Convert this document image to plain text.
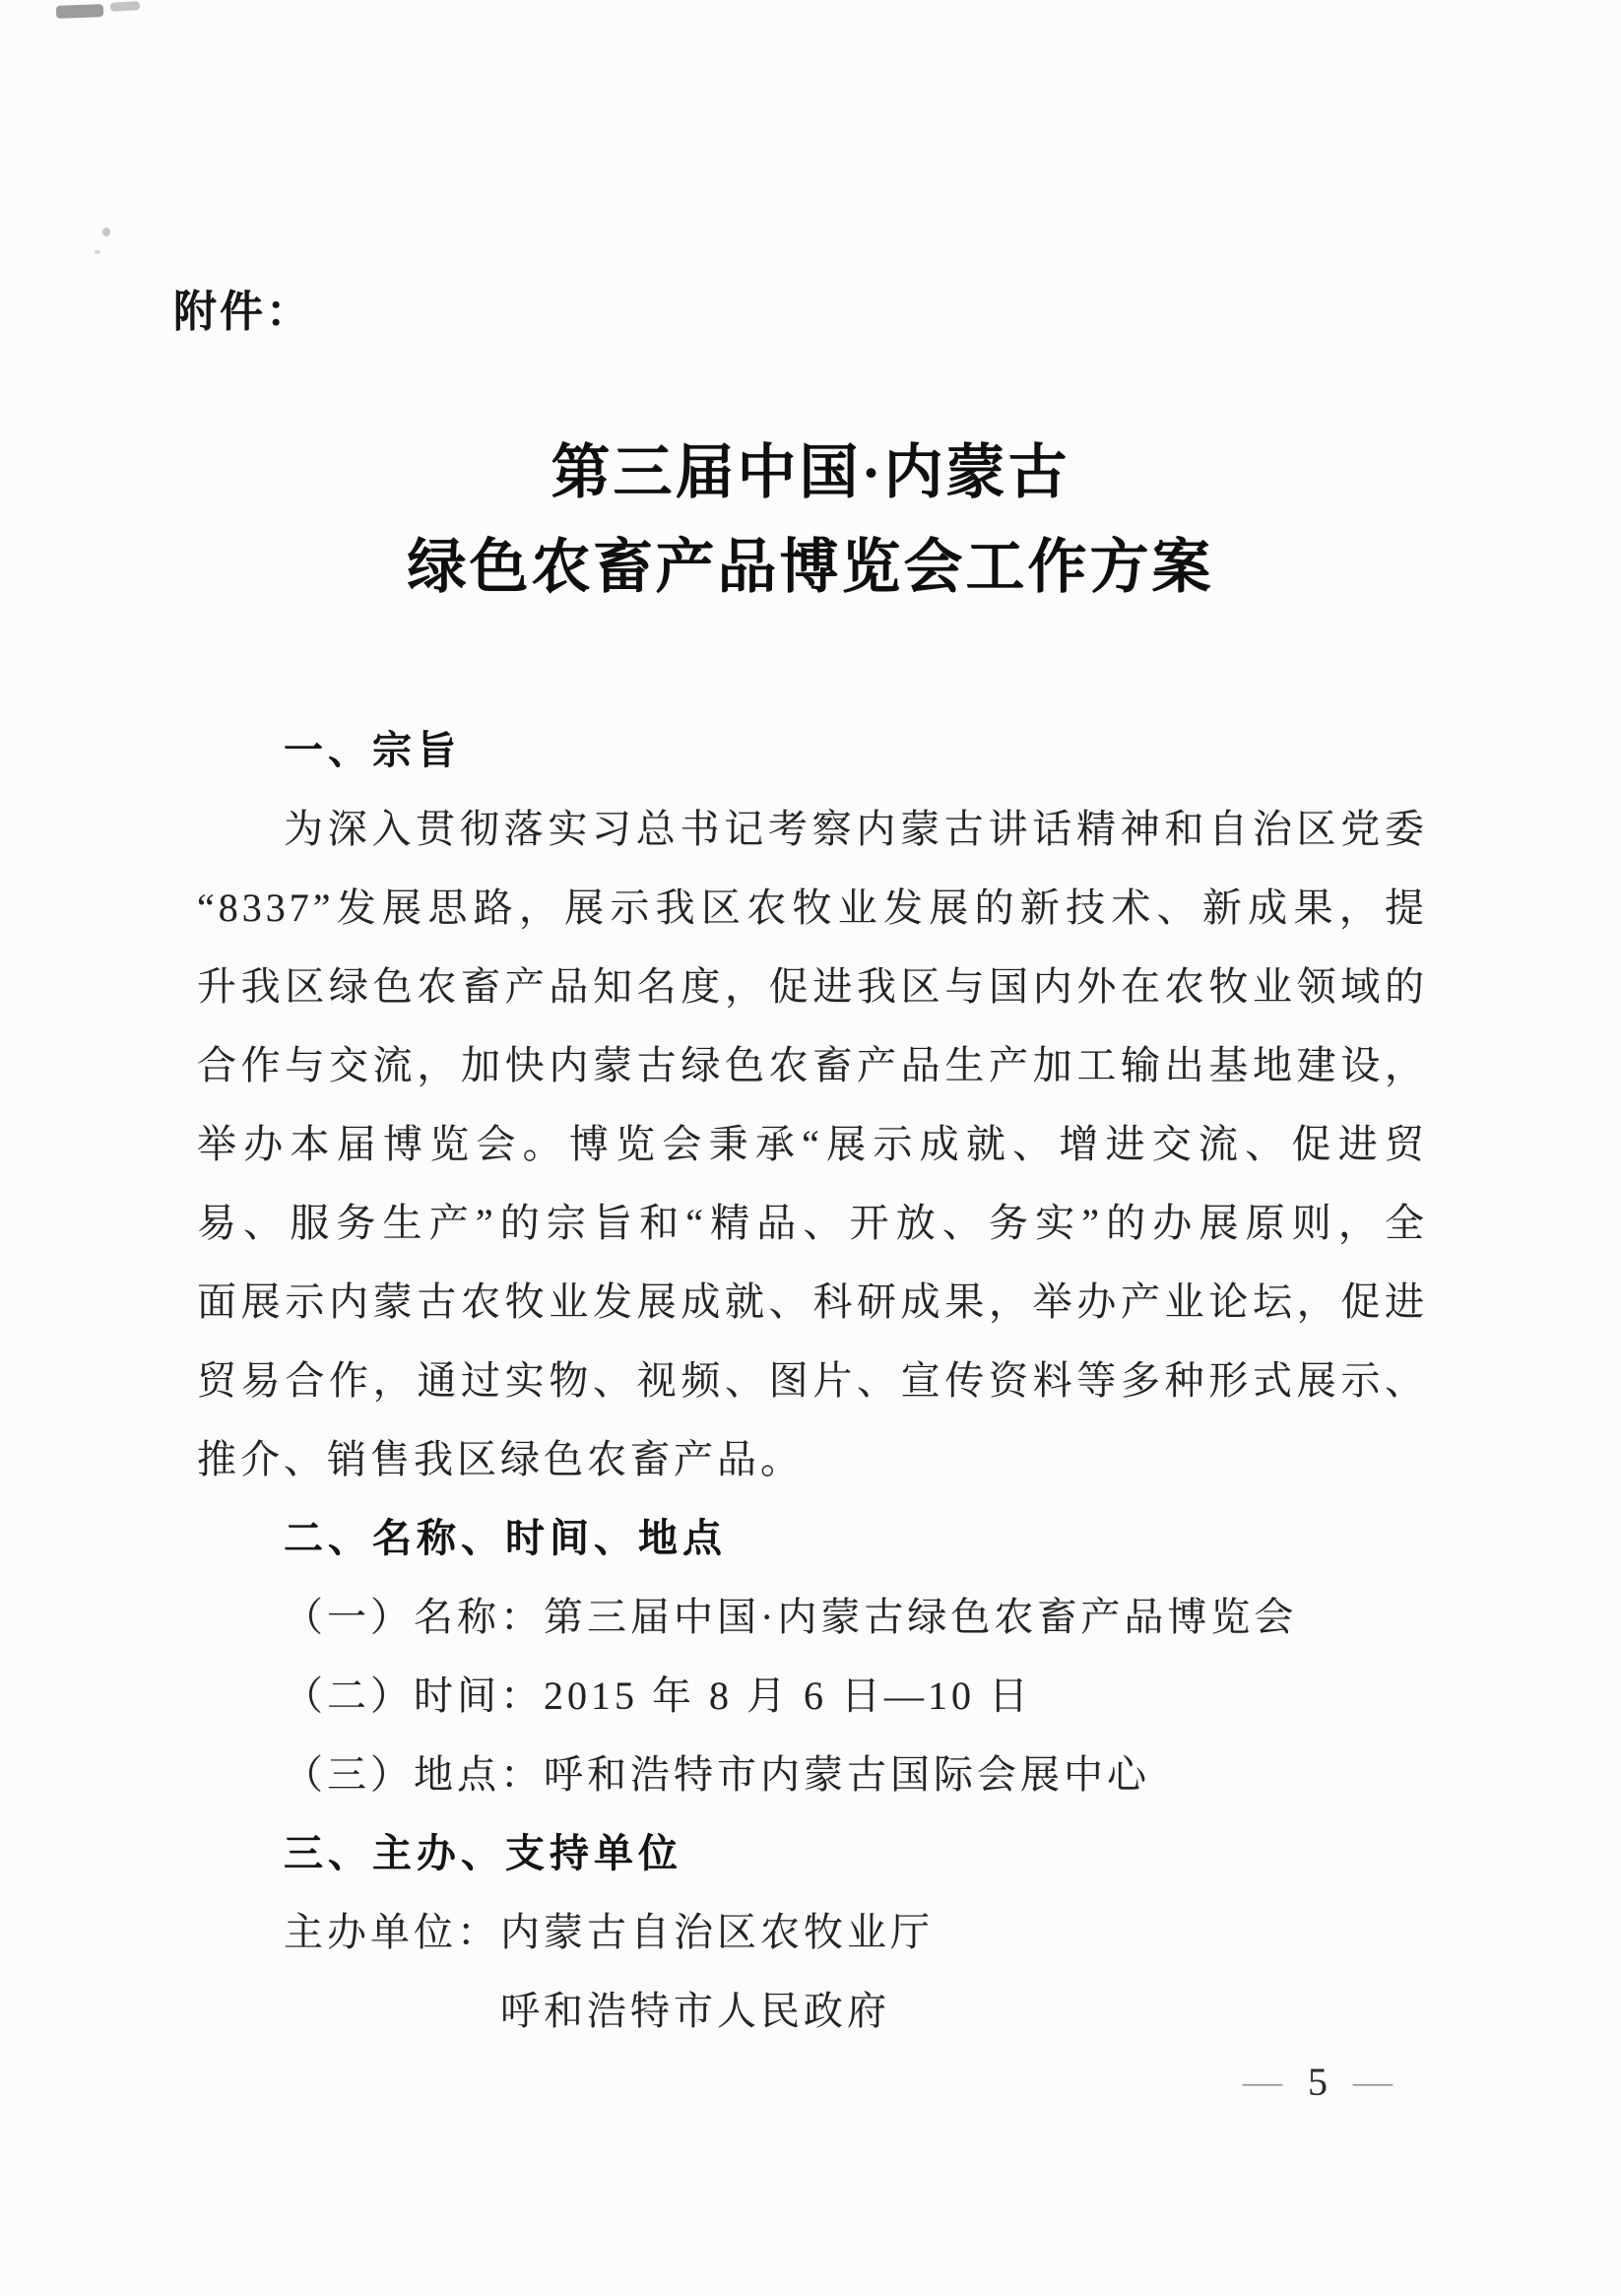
附件：
第三届中国·内蒙古
绿色农畜产品博览会工作方案
一、宗旨
为深入贯彻落实习总书记考察内蒙古讲话精神和自治区党委
“8337”发展思路，展示我区农牧业发展的新技术、新成果，提
升我区绿色农畜产品知名度，促进我区与国内外在农牧业领域的
合作与交流，加快内蒙古绿色农畜产品生产加工输出基地建设，
举办本届博览会。博览会秉承“展示成就、增进交流、促进贸
易、服务生产”的宗旨和“精品、开放、务实”的办展原则，全
面展示内蒙古农牧业发展成就、科研成果，举办产业论坛，促进
贸易合作，通过实物、视频、图片、宣传资料等多种形式展示、
推介、销售我区绿色农畜产品。
二、名称、时间、地点
（一）名称：第三届中国·内蒙古绿色农畜产品博览会
（二）时间：2015 年 8 月 6 日—10 日
（三）地点：呼和浩特市内蒙古国际会展中心
三、主办、支持单位
主办单位：内蒙古自治区农牧业厅
呼和浩特市人民政府
— 5 —
